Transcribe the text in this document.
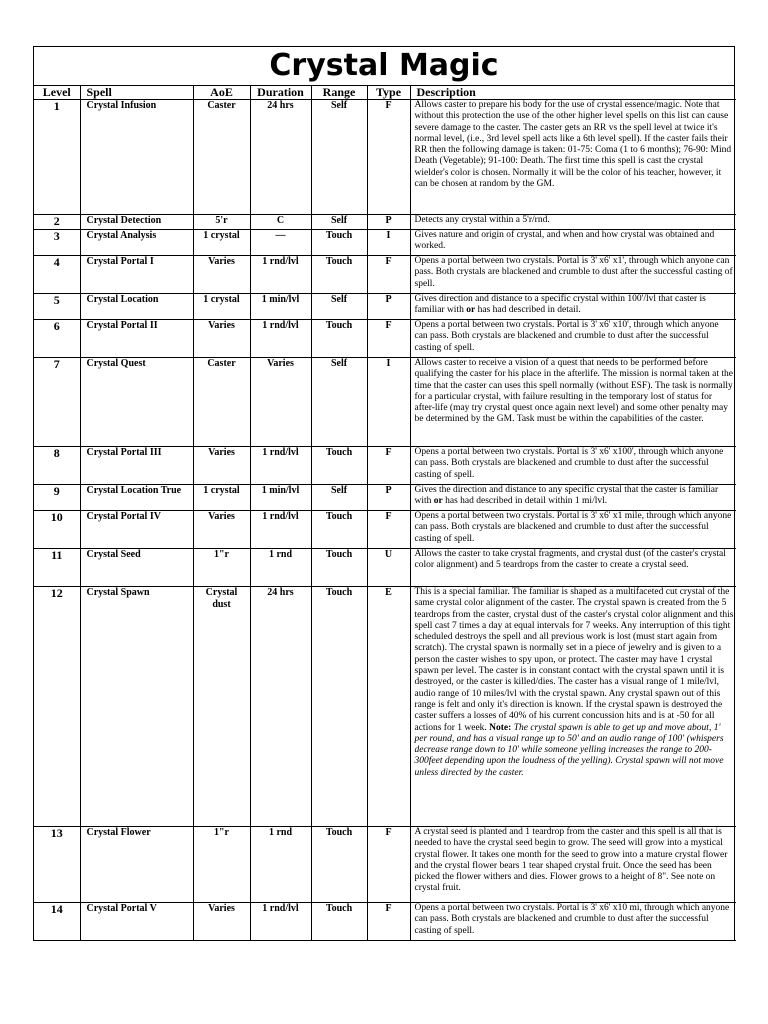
Crystal Magic
Level	Spell	AoE	Duration	Range	Type	Description
1	Crystal Infusion	Caster	24 hrs	Self	F	Allows caster to prepare his body for the use of crystal essence/magic. Note that without this protection the use of the other higher level spells on this list can cause severe damage to the caster. The caster gets an RR vs the spell level at twice it's normal level, (i.e., 3rd level spell acts like a 6th level spell). If the caster fails their RR then the following damage is taken: 01-75: Coma (1 to 6 months); 76-90: Mind Death (Vegetable); 91-100: Death. The first time this spell is cast the crystal wielder's color is chosen. Normally it will be the color of his teacher, however, it can be chosen at random by the GM.
2	Crystal Detection	5'r	C	Self	P	Detects any crystal within a 5'r/rnd.
3	Crystal Analysis	1 crystal	—	Touch	I	Gives nature and origin of crystal, and when and how crystal was obtained and worked.
4	Crystal Portal I	Varies	1 rnd/lvl	Touch	F	Opens a portal between two crystals. Portal is 3' x6' x1', through which anyone can pass. Both crystals are blackened and crumble to dust after the successful casting of spell.
5	Crystal Location	1 crystal	1 min/lvl	Self	P	Gives direction and distance to a specific crystal within 100'/lvl that caster is familiar with or has had described in detail.
6	Crystal Portal II	Varies	1 rnd/lvl	Touch	F	Opens a portal between two crystals. Portal is 3' x6' x10', through which anyone can pass. Both crystals are blackened and crumble to dust after the successful casting of spell.
7	Crystal Quest	Caster	Varies	Self	I	Allows caster to receive a vision of a quest that needs to be performed before qualifying the caster for his place in the afterlife. The mission is normal taken at the time that the caster can uses this spell normally (without ESF). The task is normally for a particular crystal, with failure resulting in the temporary lost of status for after-life (may try crystal quest once again next level) and some other penalty may be determined by the GM. Task must be within the capabilities of the caster.
8	Crystal Portal III	Varies	1 rnd/lvl	Touch	F	Opens a portal between two crystals. Portal is 3' x6' x100', through which anyone can pass. Both crystals are blackened and crumble to dust after the successful casting of spell.
9	Crystal Location True	1 crystal	1 min/lvl	Self	P	Gives the direction and distance to any specific crystal that the caster is familiar with or has had described in detail within 1 mi/lvl.
10	Crystal Portal IV	Varies	1 rnd/lvl	Touch	F	Opens a portal between two crystals. Portal is 3' x6' x1 mile, through which anyone can pass. Both crystals are blackened and crumble to dust after the successful casting of spell.
11	Crystal Seed	1"r	1 rnd	Touch	U	Allows the caster to take crystal fragments, and crystal dust (of the caster's crystal color alignment) and 5 teardrops from the caster to create a crystal seed.
12	Crystal Spawn	Crystal dust	24 hrs	Touch	E	This is a special familiar. The familiar is shaped as a multifaceted cut crystal of the same crystal color alignment of the caster. The crystal spawn is created from the 5 teardrops from the caster, crystal dust of the caster's crystal color alignment and this spell cast 7 times a day at equal intervals for 7 weeks. Any interruption of this tight scheduled destroys the spell and all previous work is lost (must start again from scratch). The crystal spawn is normally set in a piece of jewelry and is given to a person the caster wishes to spy upon, or protect. The caster may have 1 crystal spawn per level. The caster is in constant contact with the crystal spawn until it is destroyed, or the caster is killed/dies. The caster has a visual range of 1 mile/lvl, audio range of 10 miles/lvl with the crystal spawn. Any crystal spawn out of this range is felt and only it's direction is known. If the crystal spawn is destroyed the caster suffers a losses of 40% of his current concussion hits and is at -50 for all actions for 1 week. Note: The crystal spawn is able to get up and move about, 1' per round, and has a visual range up to 50' and an audio range of 100' (whispers decrease range down to 10' while someone yelling increases the range to 200-300feet depending upon the loudness of the yelling). Crystal spawn will not move unless directed by the caster.
13	Crystal Flower	1"r	1 rnd	Touch	F	A crystal seed is planted and 1 teardrop from the caster and this spell is all that is needed to have the crystal seed begin to grow. The seed will grow into a mystical crystal flower. It takes one month for the seed to grow into a mature crystal flower and the crystal flower bears 1 tear shaped crystal fruit. Once the seed has been picked the flower withers and dies. Flower grows to a height of 8". See note on crystal fruit.
14	Crystal Portal V	Varies	1 rnd/lvl	Touch	F	Opens a portal between two crystals. Portal is 3' x6' x10 mi, through which anyone can pass. Both crystals are blackened and crumble to dust after the successful casting of spell.
